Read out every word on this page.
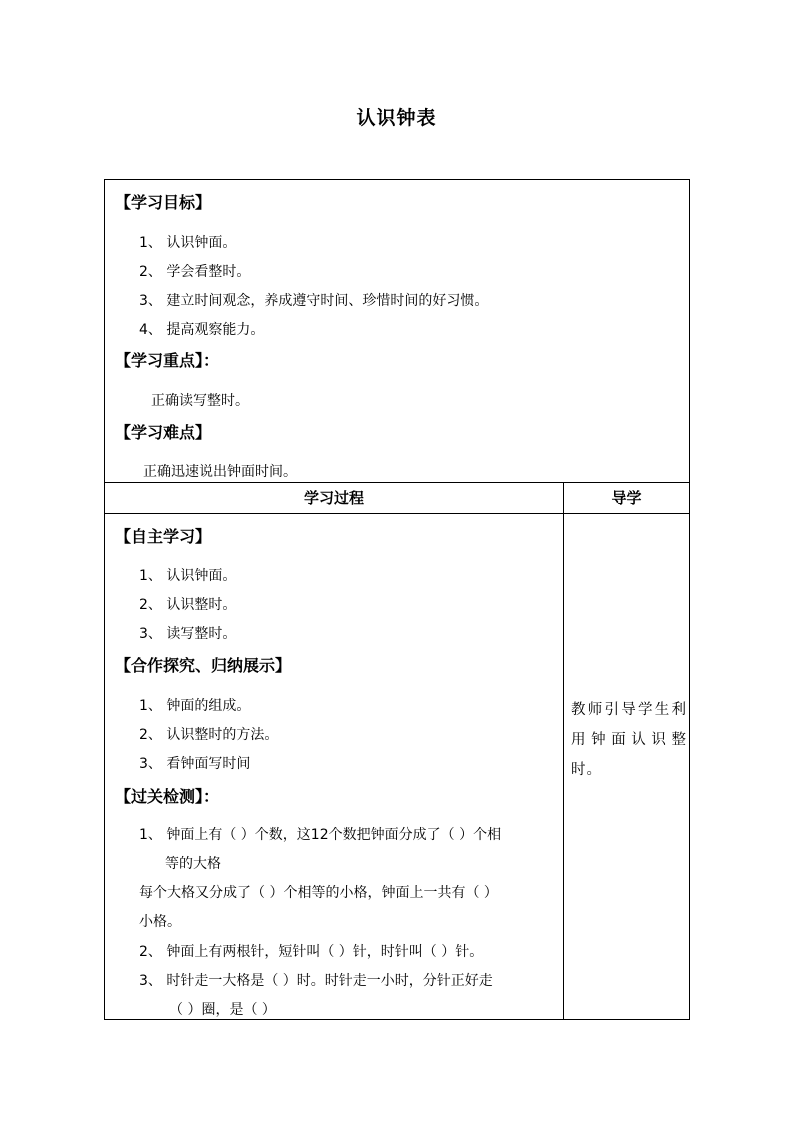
认识钟表
【学习目标】
1、 认识钟面。
2、 学会看整时。
3、 建立时间观念，养成遵守时间、珍惜时间的好习惯。
4、 提高观察能力。
【学习重点】：
正确读写整时。
【学习难点】
正确迅速说出钟面时间。
学习过程	导学
【自主学习】
1、 认识钟面。
2、 认识整时。
3、 读写整时。
【合作探究、归纳展示】
1、 钟面的组成。
2、 认识整时的方法。
3、 看钟面写时间
【过关检测】：
1、 钟面上有（ ）个数，这12个数把钟面分成了（ ）个相
等的大格
每个大格又分成了（ ）个相等的小格，钟面上一共有（ ）
小格。
2、 钟面上有两根针，短针叫（ ）针，时针叫（ ）针。
3、 时针走一大格是（ ）时。时针走一小时，分针正好走
（ ）圈，是（ ）
教师引导学生利用钟面认识整时。
